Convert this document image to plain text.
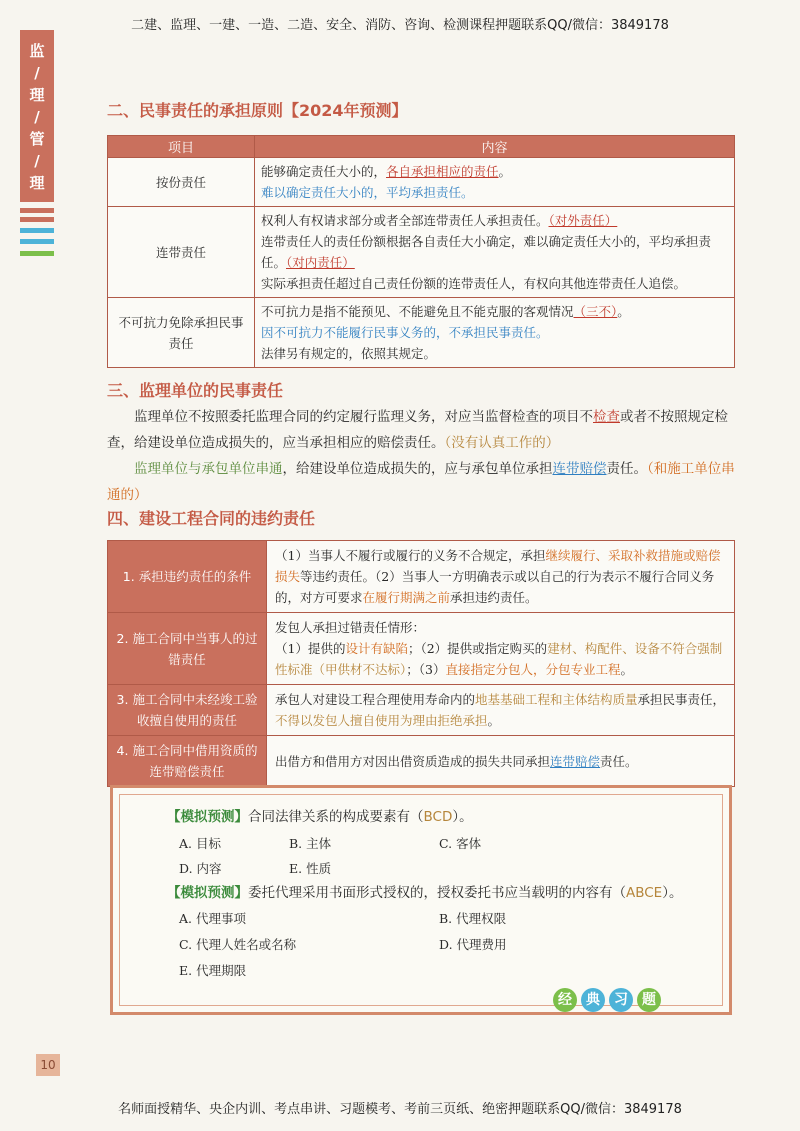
二建、监理、一建、一造、二造、安全、消防、咨询、检测课程押题联系QQ/微信：3849178
名师面授精华、央企内训、考点串讲、习题模考、考前三页纸、绝密押题联系QQ/微信：3849178
监
/
理
/
管
/
理
二、民事责任的承担原则【2024年预测】
项目	内容
按份责任	能够确定责任大小的，各自承担相应的责任。
难以确定责任大小的，平均承担责任。

连带责任	权利人有权请求部分或者全部连带责任人承担责任。（对外责任）
连带责任人的责任份额根据各自责任大小确定，难以确定责任大小的，平均承担责任。（对内责任）
实际承担责任超过自己责任份额的连带责任人，有权向其他连带责任人追偿。

不可抗力免除承担民事责任	不可抗力是指不能预见、不能避免且不能克服的客观情况（三不）。
因不可抗力不能履行民事义务的，不承担民事责任。
法律另有规定的，依照其规定。
三、监理单位的民事责任
监理单位不按照委托监理合同的约定履行监理义务，对应当监督检查的项目不检查或者不按照规定检查，给建设单位造成损失的，应当承担相应的赔偿责任。（没有认真工作的）
监理单位与承包单位串通，给建设单位造成损失的，应与承包单位承担连带赔偿责任。（和施工单位串通的）
四、建设工程合同的违约责任
1. 承担违约责任的条件	（1）当事人不履行或履行的义务不合规定，承担继续履行、采取补救措施或赔偿损失等违约责任。（2）当事人一方明确表示或以自己的行为表示不履行合同义务的，对方可要求在履行期满之前承担违约责任。
2. 施工合同中当事人的过错责任	发包人承担过错责任情形：
（1）提供的设计有缺陷；（2）提供或指定购买的建材、构配件、设备不符合强制性标准（甲供材不达标）；（3）直接指定分包人，分包专业工程。

3. 施工合同中未经竣工验收擅自使用的责任	承包人对建设工程合理使用寿命内的地基基础工程和主体结构质量承担民事责任，不得以发包人擅自使用为理由拒绝承担。
4. 施工合同中借用资质的连带赔偿责任	出借方和借用方对因出借资质造成的损失共同承担连带赔偿责任。
【模拟预测】合同法律关系的构成要素有（BCD）。
A. 目标	B. 主体	C. 客体
D. 内容	E. 性质
【模拟预测】委托代理采用书面形式授权的，授权委托书应当载明的内容有（ABCE）。
A. 代理事项	B. 代理权限
C. 代理人姓名或名称	D. 代理费用
E. 代理期限
经	典	习	题
10
